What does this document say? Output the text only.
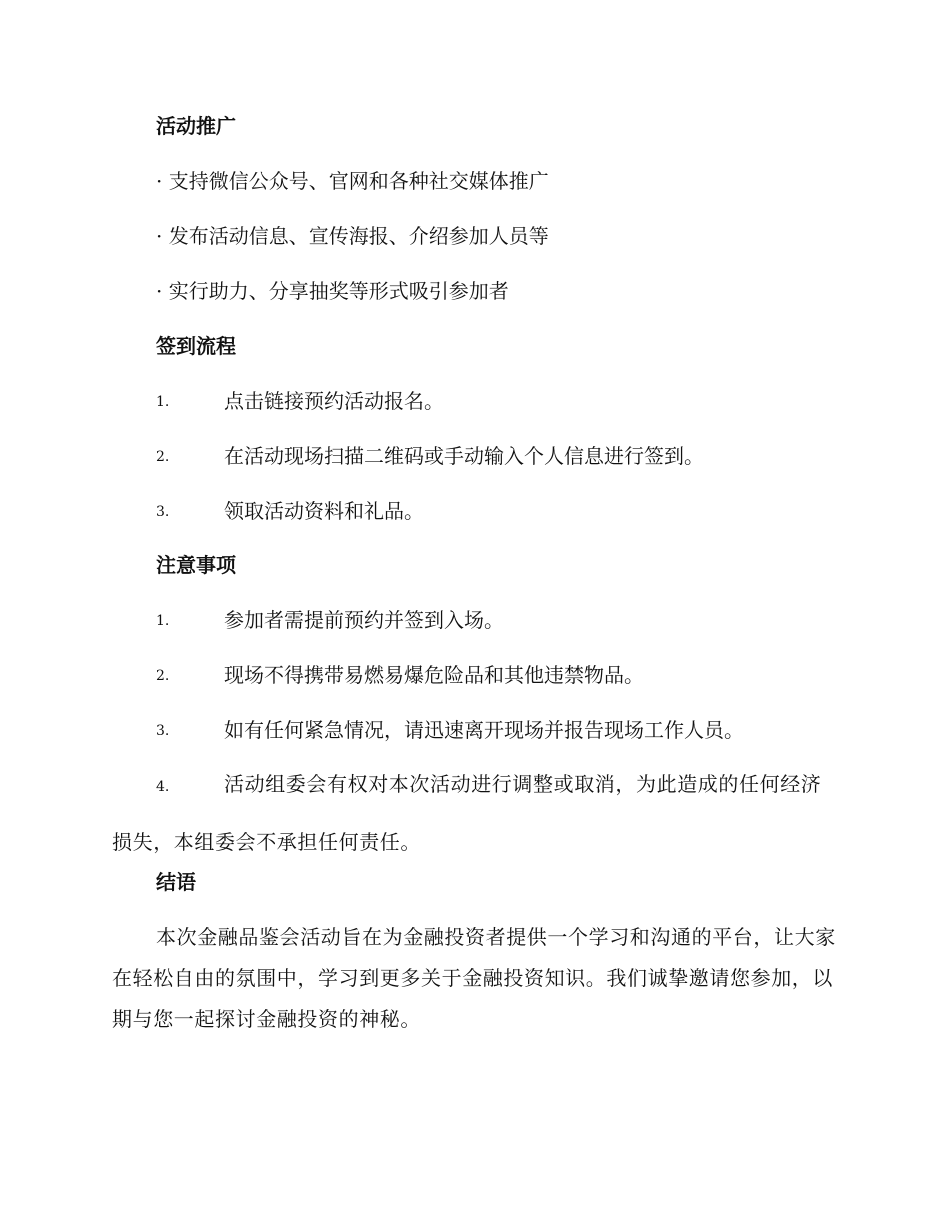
活动推广

· 支持微信公众号、官网和各种社交媒体推广

· 发布活动信息、宣传海报、介绍参加人员等

· 实行助力、分享抽奖等形式吸引参加者

签到流程
1.	点击链接预约活动报名。
2.	在活动现场扫描二维码或手动输入个人信息进行签到。
3.	领取活动资料和礼品。
注意事项
1.	参加者需提前预约并签到入场。
2.	现场不得携带易燃易爆危险品和其他违禁物品。
3.	如有任何紧急情况，请迅速离开现场并报告现场工作人员。

4.	活动组委会有权对本次活动进行调整或取消，为此造成的任何经济损失，本组委会不承担任何责任。

结语

本次金融品鉴会活动旨在为金融投资者提供一个学习和沟通的平台，让大家在轻松自由的氛围中，学习到更多关于金融投资知识。我们诚挚邀请您参加，以期与您一起探讨金融投资的神秘。
